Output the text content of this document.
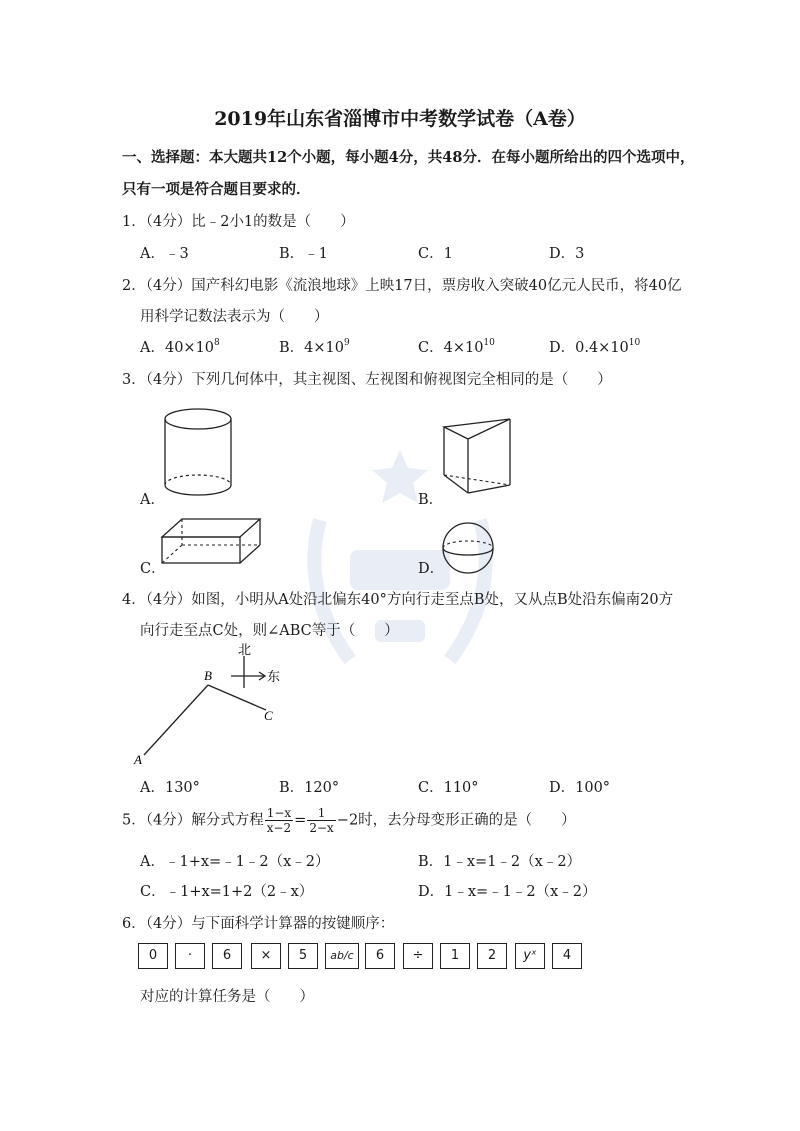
2019年山东省淄博市中考数学试卷（A卷）
一、选择题：本大题共12个小题，每小题4分，共48分．在每小题所给出的四个选项中，
只有一项是符合题目要求的．
1．（4分）比﹣2小1的数是（　　）
A．﹣3	B．﹣1	C．1	D．3
2．（4分）国产科幻电影《流浪地球》上映17日，票房收入突破40亿元人民币，将40亿
用科学记数法表示为（　　）
A．$40\times 10^8$	B．$4\times 10^9$	C．$4\times 10^{10}$	D．$0.4\times 10^{10}$
3．（4分）下列几何体中，其主视图、左视图和俯视图完全相同的是（　　）
A．	B．
C．	D．
4．（4分）如图，小明从A处沿北偏东40°方向行走至点B处，又从点B处沿东偏南20方
向行走至点C处，则∠ABC等于（　　）
北
东
A
B
C
A．130°	B．120°	C．110°	D．100°
5．（4分）解分式方程 $\frac{1-x}{x-2} = \frac{1}{2-x} -2$时，去分母变形正确的是（　　）
A．﹣1+x=﹣1﹣2（x﹣2）	B．1﹣x=1﹣2（x﹣2）
C．﹣1+x=1+2（2﹣x）	D．1﹣x=﹣1﹣2（x﹣2）
6．（4分）与下面科学计算器的按键顺序：
0	·	6	×	5	ab/c	6	÷	1	2	yˣ	4
对应的计算任务是（　　）
